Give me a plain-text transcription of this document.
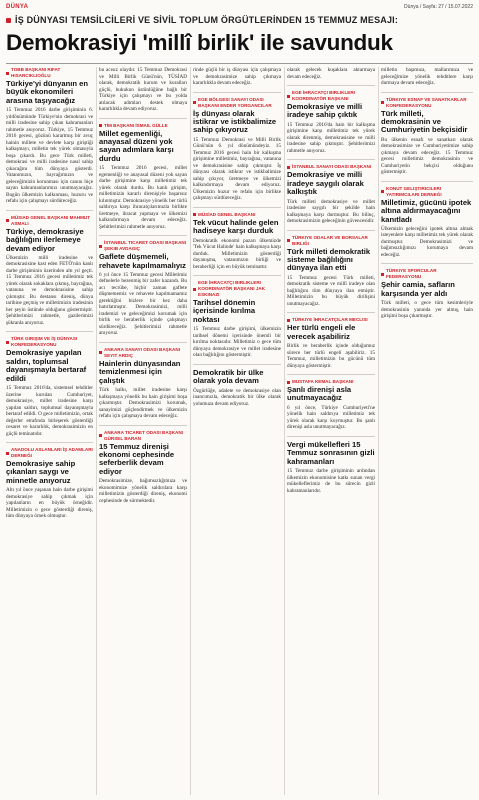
DÜNYA	Dünya / Sayfa: 27 / 15.07.2022
İŞ DÜNYASI TEMSİLCİLERİ VE SİVİL TOPLUM ÖRGÜTLERİNDEN 15 TEMMUZ MESAJI:
Demokrasiyi 'millî birlik' ile savunduk
TOBB BAŞKANI RIFAT HISARCIKLIOĞLU
Türkiye'yi dünyanın en büyük ekonomileri arasına taşıyacağız

15 Temmuz 2016 darbe girişiminin 6. yıldönümünde Türkiye'nin demokrasi ve milli iradesine sahip çıkan kahramanları rahmetle anıyoruz. Türkiye, 15 Temmuz 2016 gecesi, gözünü karartmış bir avuç hainin millete ve devlete karşı giriştiği kalkışmayı, milletin tek yürek olmasıyla boşa çıkardı. Bu gece Türk milleti, demokrasi ve milli iradesine nasıl sahip çıkacağını tüm dünyaya gösterdi. Vatanımızın, bayrağımızın ve geleceğimizin korunması için canını hiçe sayan kahramanlarımızı unutmayacağız. Bugün ülkemizin kalkınması, huzuru ve refahı için çalışmayı sürdüreceğiz.

MÜSIAD GENEL BAŞKANI MAHMUT ASMALI
Türkiye, demokrasiye bağlılığını ilerlemeye devam ediyor

Ülkemizin milli iradesine ve demokrasisine kast eden FETÖ'nün kanlı darbe girişiminin üzerinden altı yıl geçti. 15 Temmuz 2016 gecesi milletimiz tek yürek olarak sokaklara çıkmış, bayrağına, vatanına ve demokrasisine sahip çıkmıştır. Bu destansı direniş, dünya tarihine geçmiş ve milletimizin iradesinin her şeyin üstünde olduğunu göstermiştir. Şehitlerimizi rahmetle, gazilerimizi şükranla anıyoruz.

TÜRK GIRIŞIM VE İŞ DÜNYASI KONFEDERASYONU
Demokrasiye yapılan saldırı, toplumsal dayanışmayla bertaraf edildi

15 Temmuz 2016'da, sistemsel tehditler üzerine kurulan Cumhuriyet, demokrasiye, millet iradesine karşı yapılan saldırı, toplumsal dayanışmayla bertaraf edildi. O gece milletimizin, ortak değerler etrafında birleşerek gösterdiği cesaret ve kararlılık, demokrasimizin en güçlü teminatıdır.

ANADOLU ASLANLARI İŞ ADAMLARI DERNEĞI
Demokrasiye sahip çıkanları saygı ve minnetle anıyoruz

Altı yıl önce yaşanan hain darbe girişimi demokrasiye sahip çıkmak için yapılanların en büyük örneğidir. Milletimizin o gece gösterdiği direniş, tüm dünyaya örnek olmuştur.

bu acısız olaydır. 15 Temmuz Demokrasi ve Milli Birlik Günü'nün, TÜSİAD olarak, demokratik kurum ve kuralları güçlü, hukukun üstünlüğüne bağlı bir Türkiye için çalışmayı ve bu yolda atılacak adımları destek olmaya kararlılıkla devam ediyoruz.

TİM BAŞKANI İSMAIL GÜLLE
Millet egemenliği, anayasal düzeni yok sayan adımlara karşı durdu

15 Temmuz 2016 gecesi, millet egemenliği ve anayasal düzeni yok sayan darbe girişimine karşı milletimiz tek yürek olarak durdu. Bu kanlı girişim, milletimizin kararlı direnişiyle başarısız kılınmıştır. Demokrasiye yönelik her türlü saldırıya karşı ihracatçılarımızla birlikte üretmeye, ihracat yapmaya ve ülkemizi kalkındırmaya devam edeceğiz. Şehitlerimizi rahmetle anıyoruz.

İSTANBUL TICARET ODASI BAŞKANI ŞEKIB AVDAGIÇ
Gaflete düşmemeli, rehavete kapılmamalıyız

6 yıl önce 15 Temmuz gecesi Milletimiz defnelerle bezenmiş bir zafer kazandı. Bu acı tecrübe, hiçbir zaman gaflete düşmememiz ve rehavete kapılmamamız gerektiğini bizlere bir kez daha hatırlatmıştır. Demokrasimizi, milli irademizi ve geleceğimizi korumak için birlik ve beraberlik içinde çalışmayı sürdüreceğiz. Şehitlerimizi rahmetle anıyoruz.

ANKARA SANAYI ODASI BAŞKANI SEYIT ARDIÇ
Hainlerin dünyasından temizlenmesi için çalıştık

Türk halkı, millet iradesine karşı kalkışmaya yönelik bu hain girişimi boşa çıkarmıştır. Demokrasimizi korumak, sanayimizi güçlendirmek ve ülkemizin refahı için çalışmaya devam edeceğiz.

ANKARA TICARET ODASI BAŞKANI GÜRSEL BARAN
15 Temmuz direnişi ekonomi cephesinde seferberlik devam ediyor

Demokrasimize, bağımsızlığımıza ve ekonomimize yönelik saldırılara karşı milletimizin gösterdiği direniş, ekonomi cephesinde de sürmektedir.

rinde güçlü bir iş dünyası için çalışmaya ve demokrasimize sahip çıkmaya kararlılıkla devam edeceğiz.

EGE BÖLGESI SANAYI ODASI BAŞKANI ENDER YORGANCILAR
İş dünyası olarak istikrar ve istikbalimize sahip çıkıyoruz

15 Temmuz Demokrasi ve Milli Birlik Günü'nün 6. yıl dönümündeyiz. 15 Temmuz 2016 gecesi hain bir kalkışma girişimine milletimiz, bayrağına, vatanına ve demokrasisine sahip çıkmıştır. İş dünyası olarak istikrar ve istikbalimize sahip çıkıyor, üretmeye ve ülkemizi kalkındırmaya devam ediyoruz. Ülkemizin huzur ve refahı için birlikte çalışmayı sürdüreceğiz.

MÜSİAD GENEL BAŞKANI
Tek vücut halinde gelen hadiseye karşı durduk

Demokratik ekonomi pazarı ülkemizde 'Tek Vücut Halinde' hain kalkışmaya karşı durduk. Milletimizin gösterdiği dayanışma, vatanımızın birliği ve beraberliği için en büyük teminattır.

EGE İHRACATÇI BIRLIKLERI KOORDINATÖR BAŞKANI JAK ESKINAZI
Tarihsel dönemin içerisinde kırılma noktası

15 Temmuz darbe girişimi, ülkemizin tarihsel dönemi içerisinde önemli bir kırılma noktasıdır. Milletimiz o gece tüm dünyaya demokrasiye ve millet iradesine olan bağlılığını göstermiştir.

Demokratik bir ülke olarak yola devam

Özgürlüğe, adalete ve demokrasiye olan inancımızla, demokratik bir ülke olarak yolumuza devam ediyoruz.

olarak gelecek kuşaklara aktarmaya devam edeceğiz.

EGE İHRACATÇI BIRLIKLERI KOORDINATÖR BAŞKANI
Demokrasiye ve milli iradeye sahip çıktık

15 Temmuz 2016'da hain bir kalkışma girişimine karşı milletimiz tek yürek olarak direnmiş, demokrasisine ve milli iradesine sahip çıkmıştır. Şehitlerimizi rahmetle anıyoruz.

İSTANBUL SANAYI ODASI BAŞKANI
Demokrasiye ve milli iradeye saygılı olarak kalkıştık

Türk milleti demokrasiye ve millet iradesine saygılı bir şekilde hain kalkışmaya karşı durmuştur. Bu bilinç, demokrasimizin geleceğinin güvencesidir.

TÜRKIYE ODALAR VE BORSALAR BIRLIĞI
Türk milleti demokratik sisteme bağlılığını dünyaya ilan etti

15 Temmuz gecesi Türk milleti, demokratik sisteme ve millî iradeye olan bağlılığını tüm dünyaya ilan etmiştir. Milletimizin bu büyük dirilişini unutmayacağız.

TÜRKIYE İHRACATÇILAR MECLISI
Her türlü engeli ele verecek aşabiliriz

Birlik ve beraberlik içinde olduğumuz sürece her türlü engeli aşabiliriz. 15 Temmuz, milletimizin bu gücünü tüm dünyaya göstermiştir.

MUSTAFA KEMAL BAŞKANI
Şanlı direnişi asla unutmayacağız

6 yıl önce, Türkiye Cumhuriyeti'ne yönelik hain saldırıya milletimiz tek yürek olarak karşı koymuştur. Bu şanlı direnişi asla unutmayacağız.

Vergi mükellefleri 15 Temmuz sonrasının gizli kahramanları

15 Temmuz darbe girişiminin ardından ülkemizin ekonomisine katkı sunan vergi mükelleflerimiz de bu sürecin gizli kahramanlarıdır.

milletin başımıza, mallarımıza ve geleceğimize yönelik tehditlere karşı durmaya devam edeceğiz.

TÜRKIYE ESNAF VE SANATKARLAR KONFEDERASYONU
Türk milleti, demokrasinin ve Cumhuriyetin bekçisidir

Bu ülkenin esnafı ve sanatkarı olarak demokrasimize ve Cumhuriyetimize sahip çıkmaya devam edeceğiz. 15 Temmuz gecesi milletimiz demokrasinin ve Cumhuriyetin bekçisi olduğunu göstermiştir.

KONUT GELIŞTIRICILERI YATIRIMCILARI DERNEĞI
Milletimiz, gücünü ipotek altına aldırmayacağını kanıtladı

Ülkemizin geleceğini ipotek altına almak isteyenlere karşı milletimiz tek yürek olarak durmuştur. Demokrasimizi ve bağımsızlığımızı korumaya devam edeceğiz.

TÜRKIYE SPORCULAR FEDERASYONU
Şehir camia, safların karşısında yer aldı

Türk milleti, o gece tüm kesimleriyle demokrasinin yanında yer almış, hain girişimi boşa çıkarmıştır.
